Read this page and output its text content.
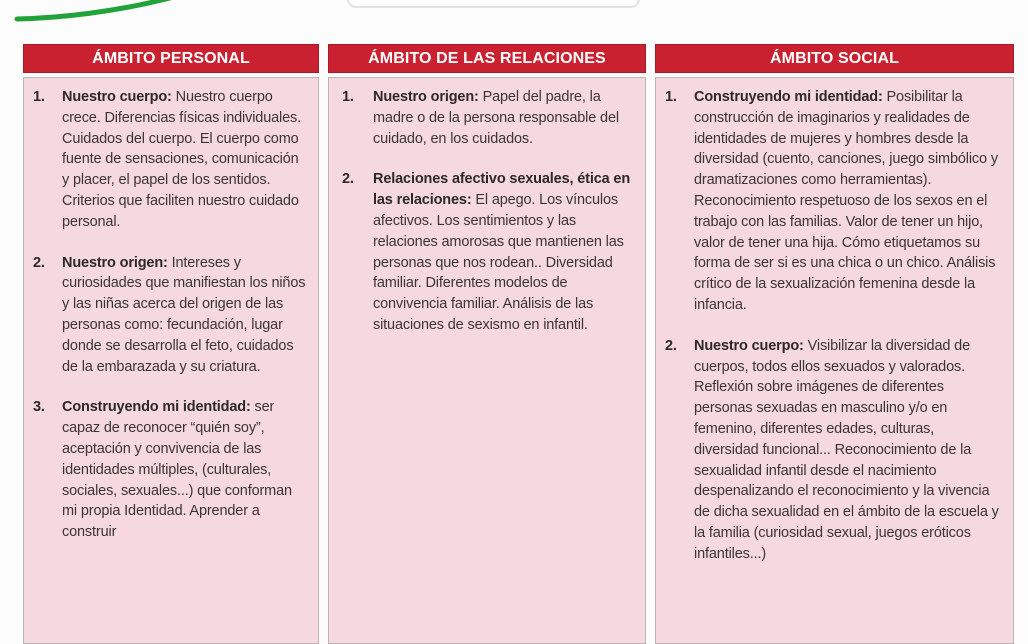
ÁMBITO PERSONAL
1.	Nuestro cuerpo: Nuestro cuerpo crece. Diferencias físicas individuales. Cuidados del cuerpo. El cuerpo como fuente de sensaciones, comunicación y placer, el papel de los sentidos. Criterios que faciliten nuestro cuidado personal.

2.	Nuestro origen: Intereses y curiosidades que manifiestan los niños y las niñas acerca del origen de las personas como: fecundación, lugar donde se desarrolla el feto, cuidados de la embarazada y su criatura.

3.	Construyendo mi identidad: ser capaz de reconocer “quién soy”, aceptación y convivencia de las identidades múltiples, (culturales, sociales, sexuales...) que conforman mi propia Identidad. Aprender a construir

ÁMBITO DE LAS RELACIONES
1.	Nuestro origen: Papel del padre, la madre o de la persona responsable del cuidado, en los cuidados.

2.	Relaciones afectivo sexuales, ética en las relaciones: El apego. Los vínculos afectivos. Los sentimientos y las relaciones amorosas que mantienen las personas que nos rodean.. Diversidad familiar. Diferentes modelos de convivencia familiar. Análisis de las situaciones de sexismo en infantil.

ÁMBITO SOCIAL
1.	Construyendo mi identidad: Posibilitar la construcción de imaginarios y realidades de identidades de mujeres y hombres desde la diversidad (cuento, canciones, juego simbólico y dramatizaciones como herramientas). Reconocimiento respetuoso de los sexos en el trabajo con las familias. Valor de tener un hijo, valor de tener una hija. Cómo etiquetamos su forma de ser si es una chica o un chico. Análisis crítico de la sexualización femenina desde la infancia.

2.	Nuestro cuerpo: Visibilizar la diversidad de cuerpos, todos ellos sexuados y valorados. Reflexión sobre imágenes de diferentes personas sexuadas en masculino y/o en femenino, diferentes edades, culturas, diversidad funcional... Reconocimiento de la sexualidad infantil desde el nacimiento despenalizando el reconocimiento y la vivencia de dicha sexualidad en el ámbito de la escuela y la familia (curiosidad sexual, juegos eróticos infantiles...)
